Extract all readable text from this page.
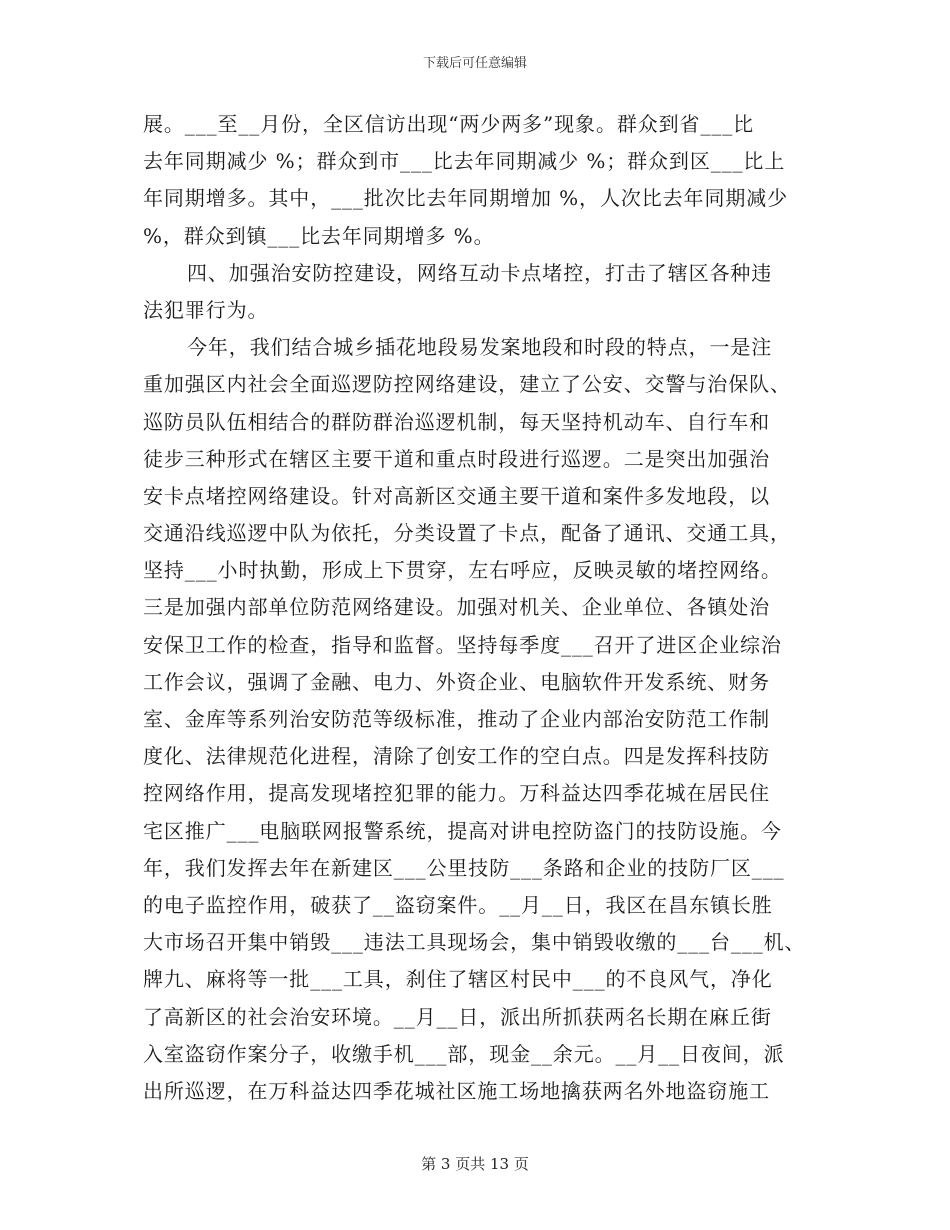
下载后可任意编辑
展。___至__月份，全区信访出现“两少两多”现象。群众到省___比
去年同期减少 %；群众到市___比去年同期减少 %；群众到区___比上
年同期增多。其中，___批次比去年同期增加 %，人次比去年同期减少
%，群众到镇___比去年同期增多 %。
四、加强治安防控建设，网络互动卡点堵控，打击了辖区各种违
法犯罪行为。
今年，我们结合城乡插花地段易发案地段和时段的特点，一是注
重加强区内社会全面巡逻防控网络建设，建立了公安、交警与治保队、
巡防员队伍相结合的群防群治巡逻机制，每天坚持机动车、自行车和
徒步三种形式在辖区主要干道和重点时段进行巡逻。二是突出加强治
安卡点堵控网络建设。针对高新区交通主要干道和案件多发地段，以
交通沿线巡逻中队为依托，分类设置了卡点，配备了通讯、交通工具，
坚持___小时执勤，形成上下贯穿，左右呼应，反映灵敏的堵控网络。
三是加强内部单位防范网络建设。加强对机关、企业单位、各镇处治
安保卫工作的检查，指导和监督。坚持每季度___召开了进区企业综治
工作会议，强调了金融、电力、外资企业、电脑软件开发系统、财务
室、金库等系列治安防范等级标准，推动了企业内部治安防范工作制
度化、法律规范化进程，清除了创安工作的空白点。四是发挥科技防
控网络作用，提高发现堵控犯罪的能力。万科益达四季花城在居民住
宅区推广___电脑联网报警系统，提高对讲电控防盗门的技防设施。今
年，我们发挥去年在新建区___公里技防___条路和企业的技防厂区___
的电子监控作用，破获了__盗窃案件。__月__日，我区在昌东镇长胜
大市场召开集中销毁___违法工具现场会，集中销毁收缴的___台___机、
牌九、麻将等一批___工具，刹住了辖区村民中___的不良风气，净化
了高新区的社会治安环境。__月__日，派出所抓获两名长期在麻丘街
入室盗窃作案分子，收缴手机___部，现金__余元。__月__日夜间，派
出所巡逻，在万科益达四季花城社区施工场地擒获两名外地盗窃施工
第 3 页共 13 页
